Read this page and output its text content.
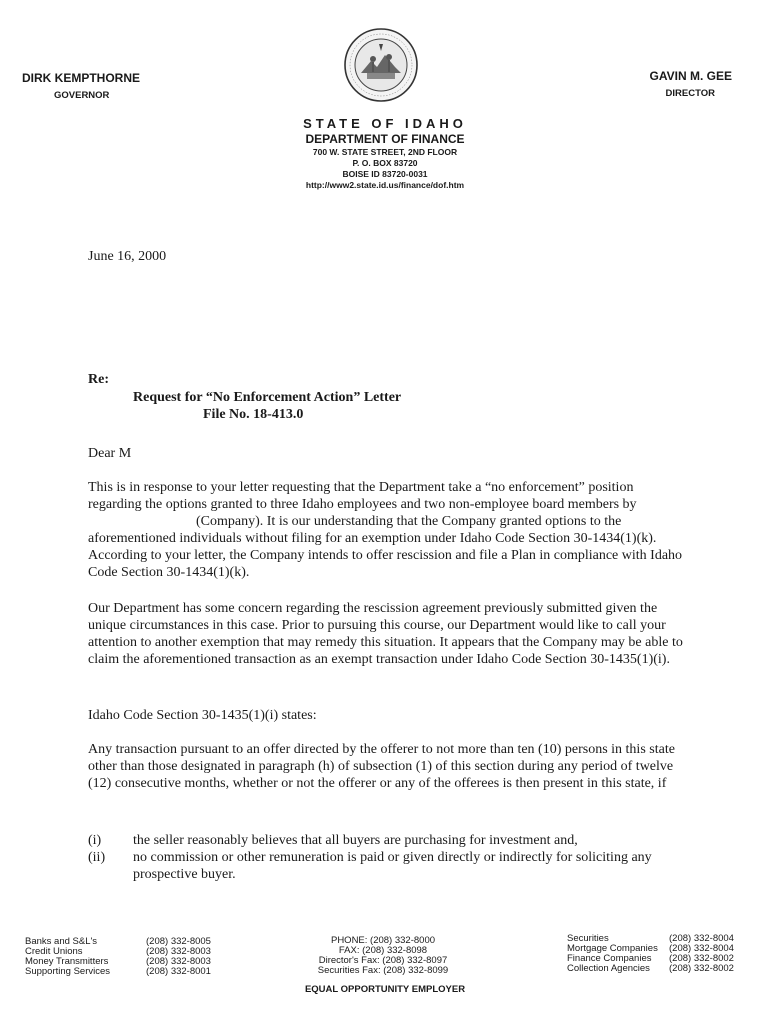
DIRK KEMPTHORNE
GOVERNOR
GAVIN M. GEE
DIRECTOR
STATE OF IDAHO
DEPARTMENT OF FINANCE
700 W. STATE STREET, 2ND FLOOR
P. O. BOX 83720
BOISE ID 83720-0031
http://www2.state.id.us/finance/dof.htm
June 16, 2000
Re:
Request for “No Enforcement Action” Letter
File No. 18-413.0
Dear M

This is in response to your letter requesting that the Department take a “no enforcement” position regarding the options granted to three Idaho employees and two non-employee board members by

(Company). It is our understanding that the Company granted options to the aforementioned individuals without filing for an exemption under Idaho Code Section 30-1434(1)(k). According to your letter, the Company intends to offer rescission and file a Plan in compliance with Idaho Code Section 30-1434(1)(k).

Our Department has some concern regarding the rescission agreement previously submitted given the unique circumstances in this case. Prior to pursuing this course, our Department would like to call your attention to another exemption that may remedy this situation. It appears that the Company may be able to claim the aforementioned transaction as an exempt transaction under Idaho Code Section 30-1435(1)(i).
Idaho Code Section 30-1435(1)(i) states:
Any transaction pursuant to an offer directed by the offerer to not more than ten (10) persons in this state other than those designated in paragraph (h) of subsection (1) of this section during any period of twelve (12) consecutive months, whether or not the offerer or any of the offerees is then present in this state, if
(i) the seller reasonably believes that all buyers are purchasing for investment and,
(ii) no commission or other remuneration is paid or given directly or indirectly for soliciting any prospective buyer.
Banks and S&L's
Credit Unions
Money Transmitters
Supporting Services
(208) 332-8005
(208) 332-8003
(208) 332-8003
(208) 332-8001
PHONE: (208) 332-8000
FAX: (208) 332-8098
Director's Fax: (208) 332-8097
Securities Fax: (208) 332-8099
Securities
Mortgage Companies
Finance Companies
Collection Agencies
(208) 332-8004
(208) 332-8004
(208) 332-8002
(208) 332-8002
EQUAL OPPORTUNITY EMPLOYER
